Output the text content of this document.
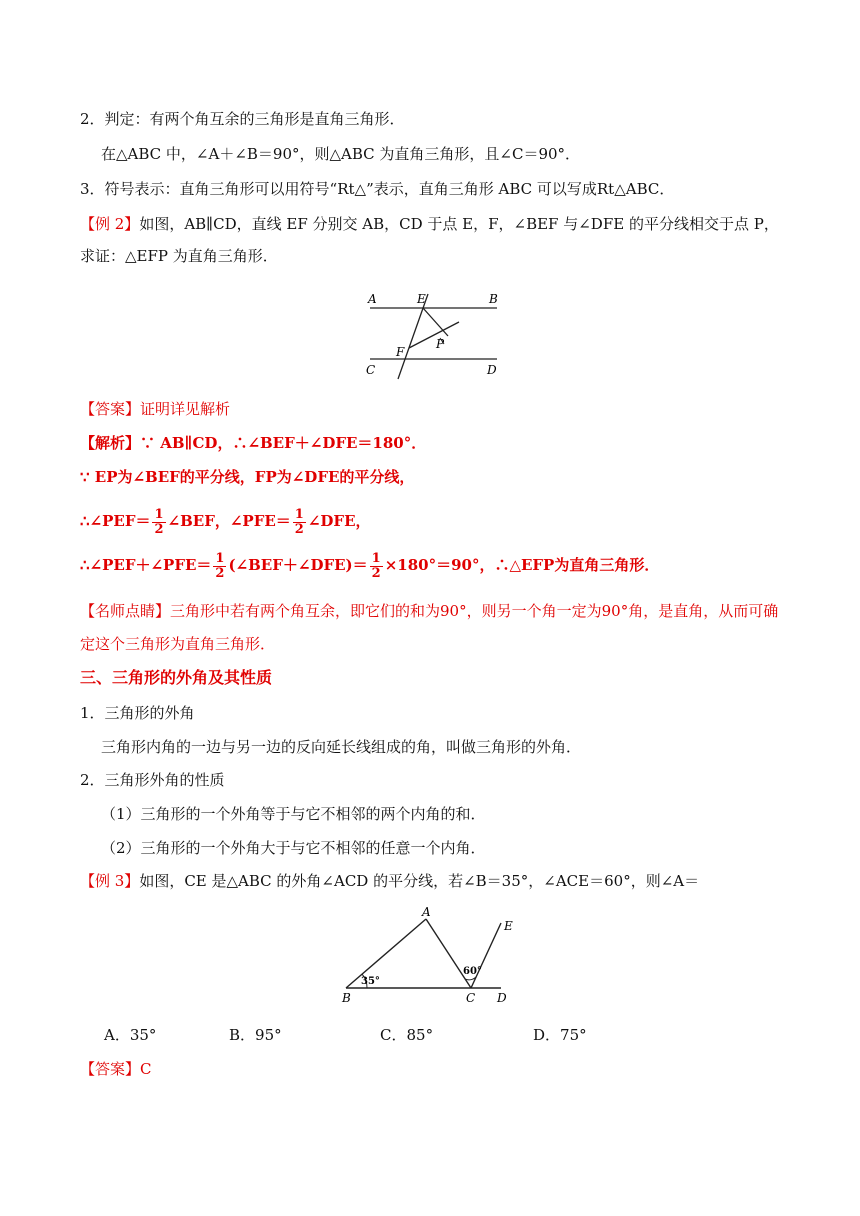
2．判定：有两个角互余的三角形是直角三角形．
在△ABC 中，∠A＋∠B＝90°，则△ABC 为直角三角形，且∠C＝90°．
3．符号表示：直角三角形可以用符号“Rt△”表示，直角三角形 ABC 可以写成Rt△ABC．
【例 2】如图，AB∥CD，直线 EF 分别交 AB，CD 于点 E，F，∠BEF 与∠DFE 的平分线相交于点 P，
求证：△EFP 为直角三角形．
A	E	B
F
P
C	D
【答案】证明详见解析
【解析】∵ AB∥CD，∴∠BEF＋∠DFE＝180°．
∵ EP为∠BEF的平分线，FP为∠DFE的平分线，
∴∠PEF＝ $\frac{1}{2}$ ∠BEF，∠PFE＝ $\frac{1}{2}$ ∠DFE，
∴∠PEF＋∠PFE＝ $\frac{1}{2}$ (∠BEF＋∠DFE)＝ $\frac{1}{2} \times 180^\circ=90^\circ$，∴△EFP为直角三角形．
【名师点睛】三角形中若有两个角互余，即它们的和为90°，则另一个角一定为90°角，是直角，从而可确
定这个三角形为直角三角形．
三、三角形的外角及其性质
1．三角形的外角
三角形内角的一边与另一边的反向延长线组成的角，叫做三角形的外角．
2．三角形外角的性质
（1）三角形的一个外角等于与它不相邻的两个内角的和．
（2）三角形的一个外角大于与它不相邻的任意一个内角．
【例 3】如图，CE 是△ABC 的外角∠ACD 的平分线，若∠B＝35°，∠ACE＝60°，则∠A＝
A
E
B	C D
35°
60°
A．35°	B．95°	C．85°	D．75°
【答案】C
